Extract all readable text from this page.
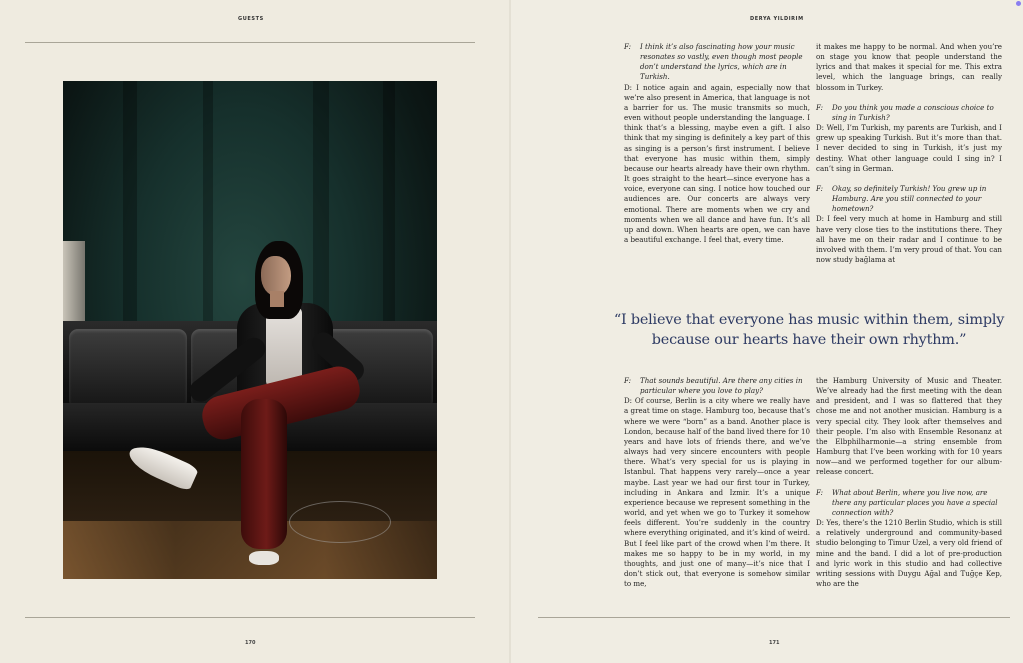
GUESTS
170
DERYA YILDIRIM
171
F:	I think it’s also fascinating how your music resonates so vastly, even though most people don’t understand the lyrics, which are in Turkish.
D: I notice again and again, especially now that we’re also present in America, that language is not a barrier for us. The music transmits so much, even without people understanding the language. I think that’s a blessing, maybe even a gift. I also think that my singing is definitely a key part of this as singing is a person’s first instrument. I believe that everyone has music within them, simply because our hearts already have their own rhythm. It goes straight to the heart—since everyone has a voice, everyone can sing. I notice how touched our audiences are. Our concerts are always very emotional. There are moments when we cry and moments when we all dance and have fun. It’s all up and down. When hearts are open, we can have a beautiful exchange. I feel that, every time.
it makes me happy to be normal. And when you’re on stage you know that people understand the lyrics and that makes it special for me. This extra level, which the language brings, can really blossom in Turkey.
F:	Do you think you made a conscious choice to sing in Turkish?
D: Well, I’m Turkish, my parents are Turkish, and I grew up speaking Turkish. But it’s more than that. I never decided to sing in Turkish, it’s just my destiny. What other language could I sing in? I can’t sing in German.
F:	Okay, so definitely Turkish! You grew up in Hamburg. Are you still connected to your hometown?
D: I feel very much at home in Hamburg and still have very close ties to the institutions there. They all have me on their radar and I continue to be involved with them. I’m very proud of that. You can now study bağlama at
“I believe that everyone has music within them, simply because our hearts have their own rhythm.”
F:	That sounds beautiful. Are there any cities in particular where you love to play?
D: Of course, Berlin is a city where we really have a great time on stage. Hamburg too, because that’s where we were “born” as a band. Another place is London, because half of the band lived there for 10 years and have lots of friends there, and we’ve always had very sincere encounters with people there. What’s very special for us is playing in Istanbul. That happens very rarely—once a year maybe. Last year we had our first tour in Turkey, including in Ankara and Izmir. It’s a unique experience because we represent something in the world, and yet when we go to Turkey it somehow feels different. You’re suddenly in the country where everything originated, and it’s kind of weird. But I feel like part of the crowd when I’m there. It makes me so happy to be in my world, in my thoughts, and just one of many—it’s nice that I don’t stick out, that everyone is somehow similar to me,
the Hamburg University of Music and Theater. We’ve already had the first meeting with the dean and president, and I was so flattered that they chose me and not another musician. Hamburg is a very special city. They look after themselves and their people. I’m also with Ensemble Resonanz at the Elbphilharmonie—a string ensemble from Hamburg that I’ve been working with for 10 years now—and we performed together for our album-release concert.
F:	What about Berlin, where you live now, are there any particular places you have a special connection with?
D: Yes, there’s the 1210 Berlin Studio, which is still a relatively underground and community-based studio belonging to Timur Uzel, a very old friend of mine and the band. I did a lot of pre-production and lyric work in this studio and had collective writing sessions with Duygu Ağal and Tuğçe Kep, who are the
